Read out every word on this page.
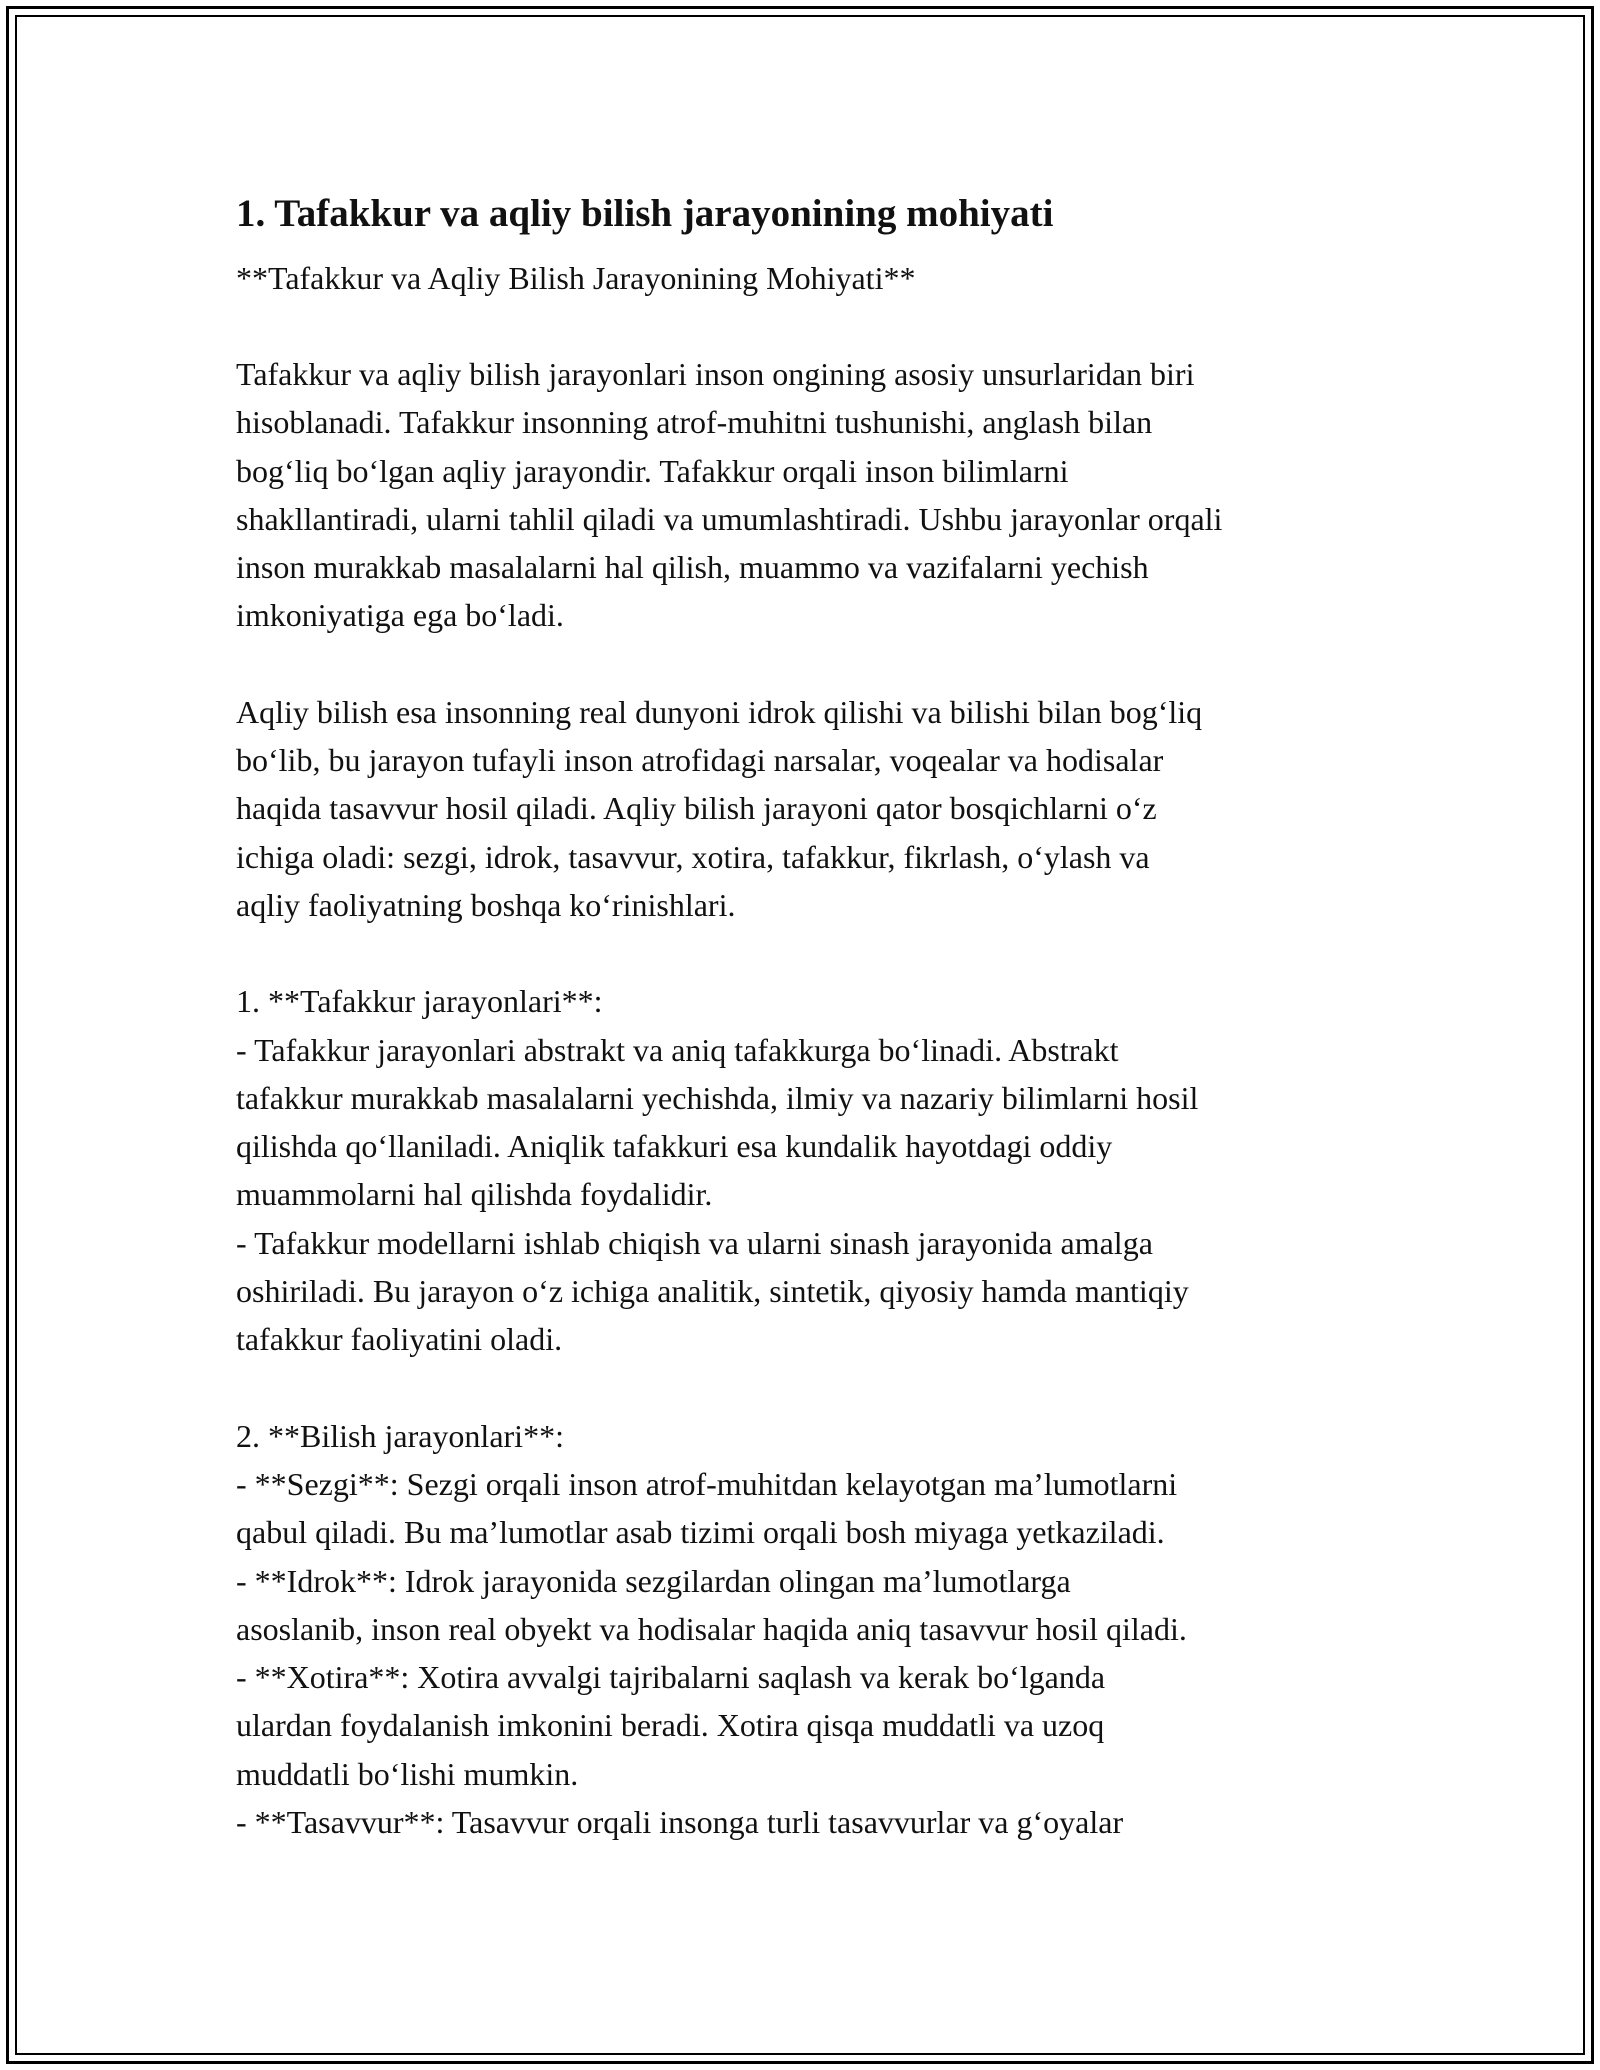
1. Tafakkur va aqliy bilish jarayonining mohiyati
**Tafakkur va Aqliy Bilish Jarayonining Mohiyati**
Tafakkur va aqliy bilish jarayonlari inson ongining asosiy unsurlaridan biri
hisoblanadi. Tafakkur insonning atrof-muhitni tushunishi, anglash bilan
bog‘liq bo‘lgan aqliy jarayondir. Tafakkur orqali inson bilimlarni
shakllantiradi, ularni tahlil qiladi va umumlashtiradi. Ushbu jarayonlar orqali
inson murakkab masalalarni hal qilish, muammo va vazifalarni yechish
imkoniyatiga ega bo‘ladi.
Aqliy bilish esa insonning real dunyoni idrok qilishi va bilishi bilan bog‘liq
bo‘lib, bu jarayon tufayli inson atrofidagi narsalar, voqealar va hodisalar
haqida tasavvur hosil qiladi. Aqliy bilish jarayoni qator bosqichlarni o‘z
ichiga oladi: sezgi, idrok, tasavvur, xotira, tafakkur, fikrlash, o‘ylash va
aqliy faoliyatning boshqa ko‘rinishlari.
1. **Tafakkur jarayonlari**:
- Tafakkur jarayonlari abstrakt va aniq tafakkurga bo‘linadi. Abstrakt
tafakkur murakkab masalalarni yechishda, ilmiy va nazariy bilimlarni hosil
qilishda qo‘llaniladi. Aniqlik tafakkuri esa kundalik hayotdagi oddiy
muammolarni hal qilishda foydalidir.
- Tafakkur modellarni ishlab chiqish va ularni sinash jarayonida amalga
oshiriladi. Bu jarayon o‘z ichiga analitik, sintetik, qiyosiy hamda mantiqiy
tafakkur faoliyatini oladi.
2. **Bilish jarayonlari**:
- **Sezgi**: Sezgi orqali inson atrof-muhitdan kelayotgan ma’lumotlarni
qabul qiladi. Bu ma’lumotlar asab tizimi orqali bosh miyaga yetkaziladi.
- **Idrok**: Idrok jarayonida sezgilardan olingan ma’lumotlarga
asoslanib, inson real obyekt va hodisalar haqida aniq tasavvur hosil qiladi.
- **Xotira**: Xotira avvalgi tajribalarni saqlash va kerak bo‘lganda
ulardan foydalanish imkonini beradi. Xotira qisqa muddatli va uzoq
muddatli bo‘lishi mumkin.
- **Tasavvur**: Tasavvur orqali insonga turli tasavvurlar va g‘oyalar
